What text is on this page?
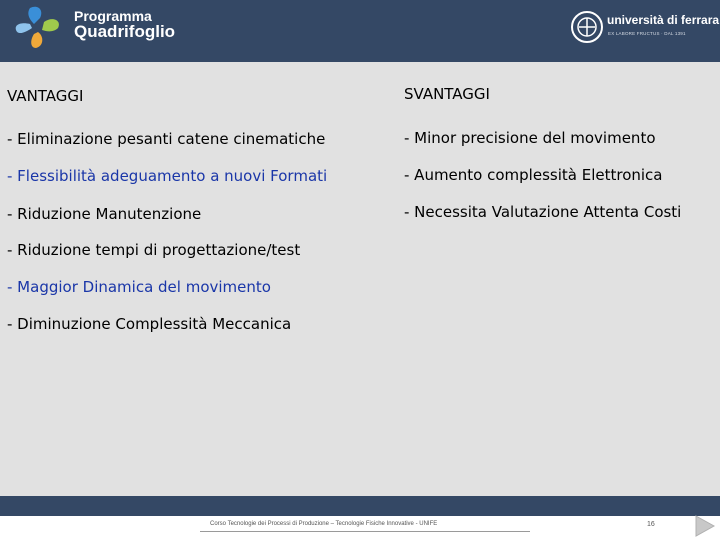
Programma
Quadrifoglio
università di ferrara
EX LABORE FRUCTUS · DAL 1391
VANTAGGI
- Eliminazione pesanti catene cinematiche
- Flessibilità adeguamento a nuovi Formati
- Riduzione Manutenzione
- Riduzione tempi di progettazione/test
- Maggior Dinamica del movimento
- Diminuzione Complessità Meccanica
SVANTAGGI
- Minor precisione del movimento
- Aumento complessità Elettronica
- Necessita Valutazione Attenta Costi
Corso Tecnologie dei Processi di Produzione – Tecnologie Fisiche Innovative - UNIFE	16
